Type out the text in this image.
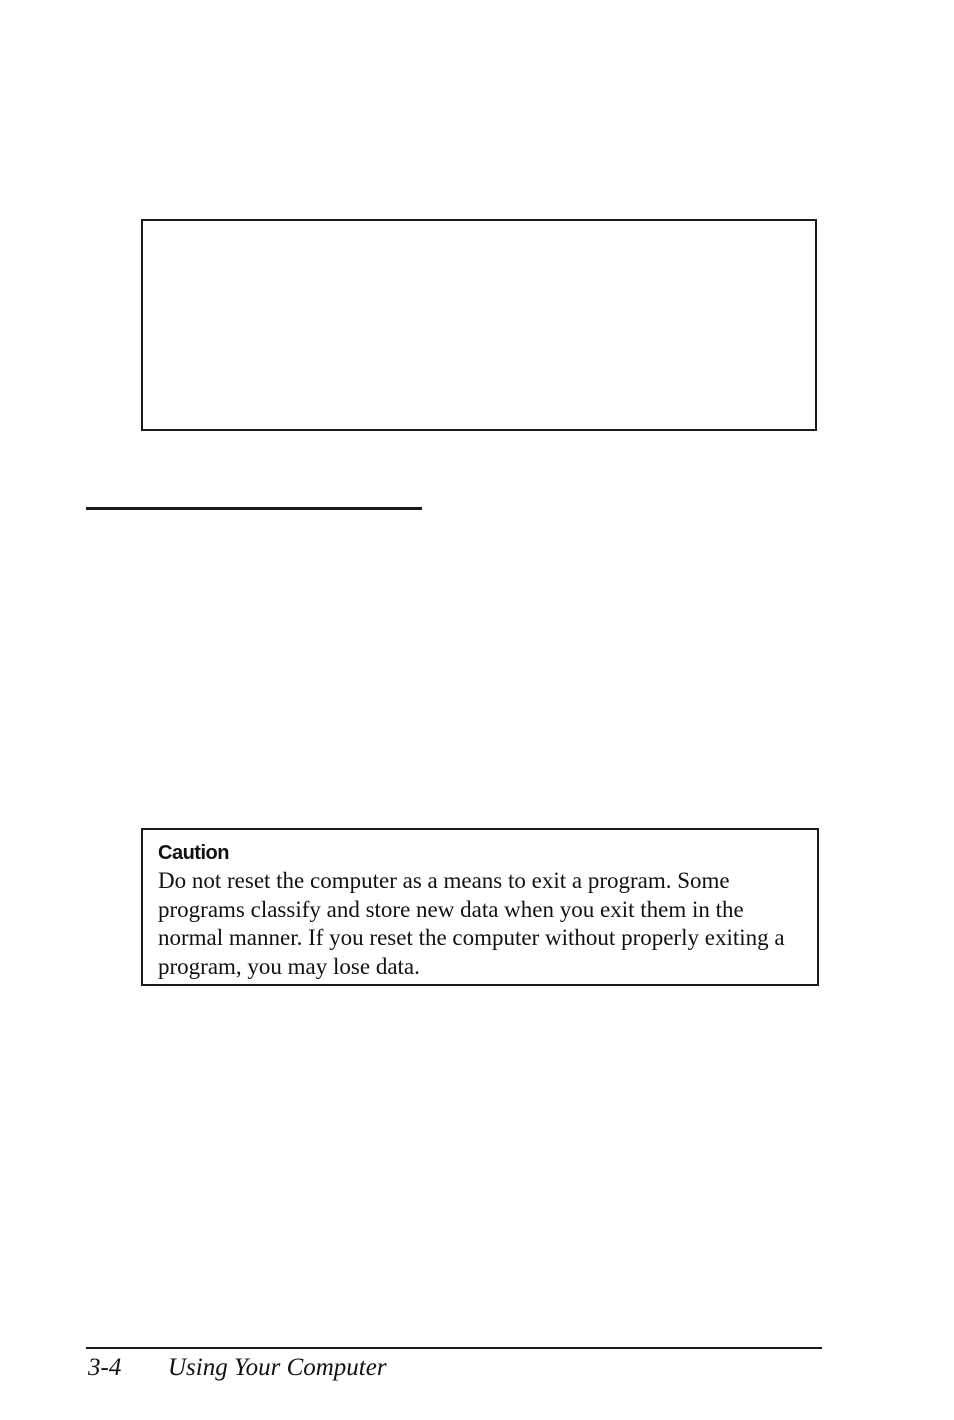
Caution

Do not reset the computer as a means to exit a program. Some programs classify and store new data when you exit them in the normal manner. If you reset the computer without properly exiting a program, you may lose data.

3-4 Using Your Computer
